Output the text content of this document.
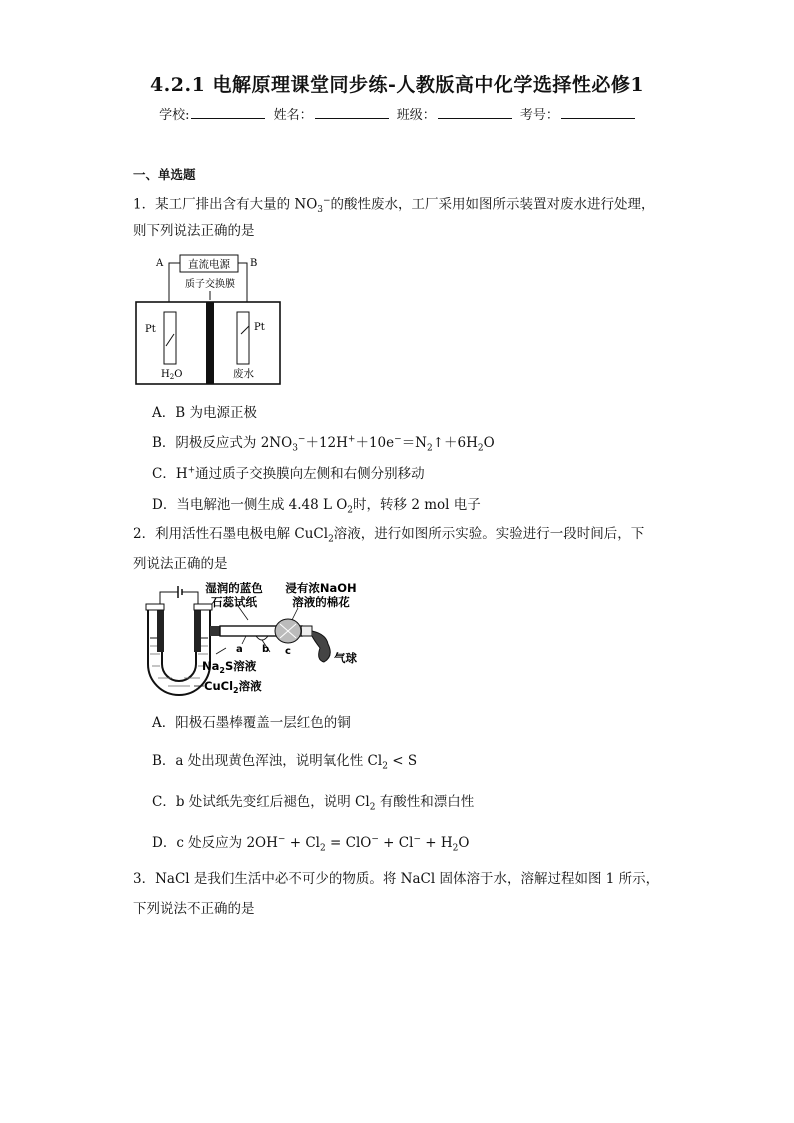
4.2.1 电解原理课堂同步练-人教版高中化学选择性必修1
学校:	姓名：	班级：	考号：
一、单选题
1．某工厂排出含有大量的 $NO_3^-$的酸性废水，工厂采用如图所示装置对废水进行处理，
则下列说法正确的是
A	B
直流电源
质子交换膜
Pt	Pt
$H_2O$	废水
A．B 为电源正极
B．阴极反应式为 $2NO_3^-+12H^++10e^-=N_2↑+6H_2O$
C．H+通过质子交换膜向左侧和右侧分别移动
D．当电解池一侧生成 4.48 L $O_2$时，转移 2 mol 电子
2．利用活性石墨电极电解 CuCl$_2$溶液，进行如图所示实验。实验进行一段时间后，下
列说法正确的是
湿润的蓝色
石蕊试纸
浸有浓NaOH
溶液的棉花
a b c
$Na_2S$溶液
CuCl$_2$溶液
气球
A．阳极石墨棒覆盖一层红色的铜
B．a 处出现黄色浑浊，说明氧化性 $Cl_2 < S$
C．b 处试纸先变红后褪色，说明 $Cl_2$ 有酸性和漂白性
D．c 处反应为 $2OH^- + Cl_2 = ClO^- + Cl^- + H_2O$
3．NaCl 是我们生活中必不可少的物质。将 NaCl 固体溶于水，溶解过程如图 1 所示，
下列说法不正确的是
